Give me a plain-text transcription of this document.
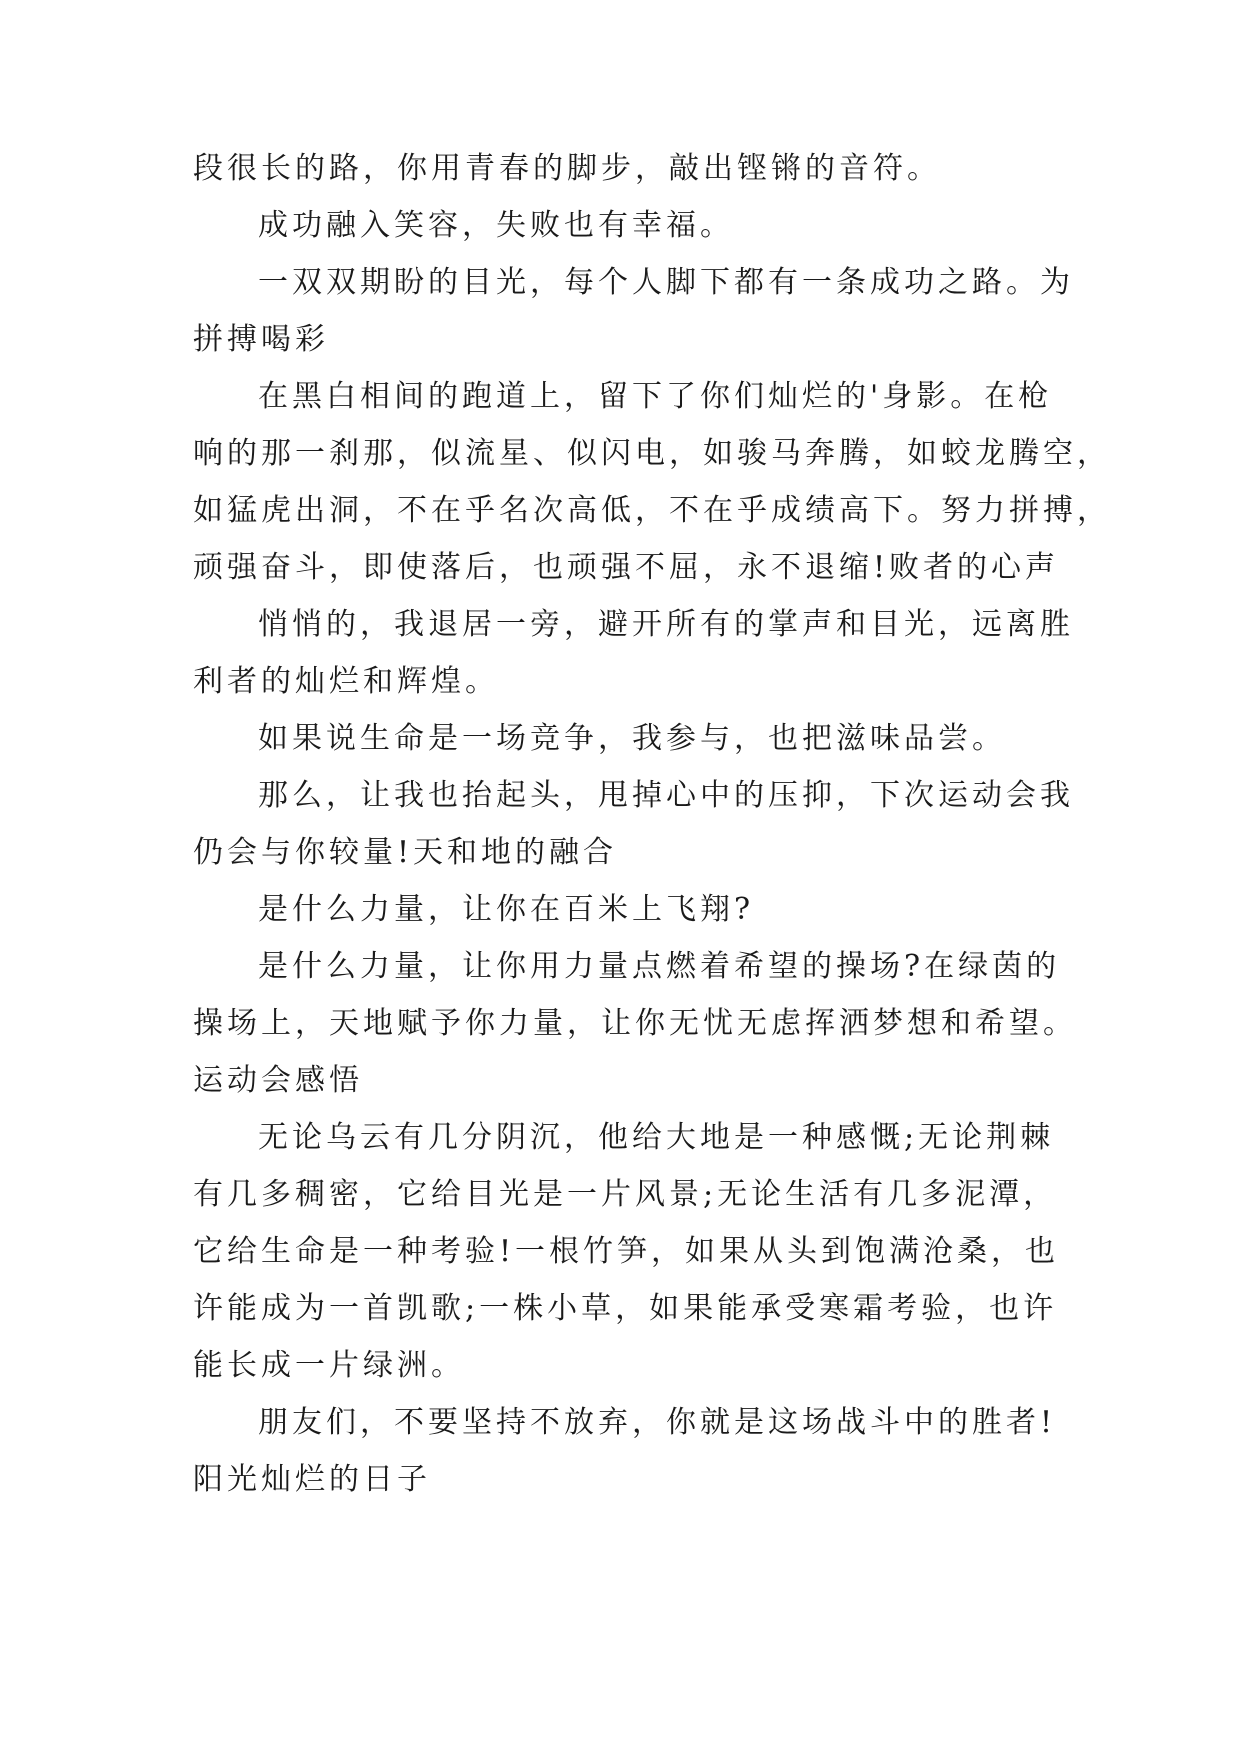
段很长的路，你用青春的脚步，敲出铿锵的音符。
成功融入笑容，失败也有幸福。
一双双期盼的目光，每个人脚下都有一条成功之路。为
拼搏喝彩
在黑白相间的跑道上，留下了你们灿烂的'身影。在枪
响的那一刹那，似流星、似闪电，如骏马奔腾，如蛟龙腾空，
如猛虎出洞，不在乎名次高低，不在乎成绩高下。努力拼搏，
顽强奋斗，即使落后，也顽强不屈，永不退缩!败者的心声
悄悄的，我退居一旁，避开所有的掌声和目光，远离胜
利者的灿烂和辉煌。
如果说生命是一场竞争，我参与，也把滋味品尝。
那么，让我也抬起头，甩掉心中的压抑，下次运动会我
仍会与你较量!天和地的融合
是什么力量，让你在百米上飞翔?
是什么力量，让你用力量点燃着希望的操场?在绿茵的
操场上，天地赋予你力量，让你无忧无虑挥洒梦想和希望。
运动会感悟
无论乌云有几分阴沉，他给大地是一种感慨;无论荆棘
有几多稠密，它给目光是一片风景;无论生活有几多泥潭，
它给生命是一种考验!一根竹笋，如果从头到饱满沧桑，也
许能成为一首凯歌;一株小草，如果能承受寒霜考验，也许
能长成一片绿洲。
朋友们，不要坚持不放弃，你就是这场战斗中的胜者!
阳光灿烂的日子
